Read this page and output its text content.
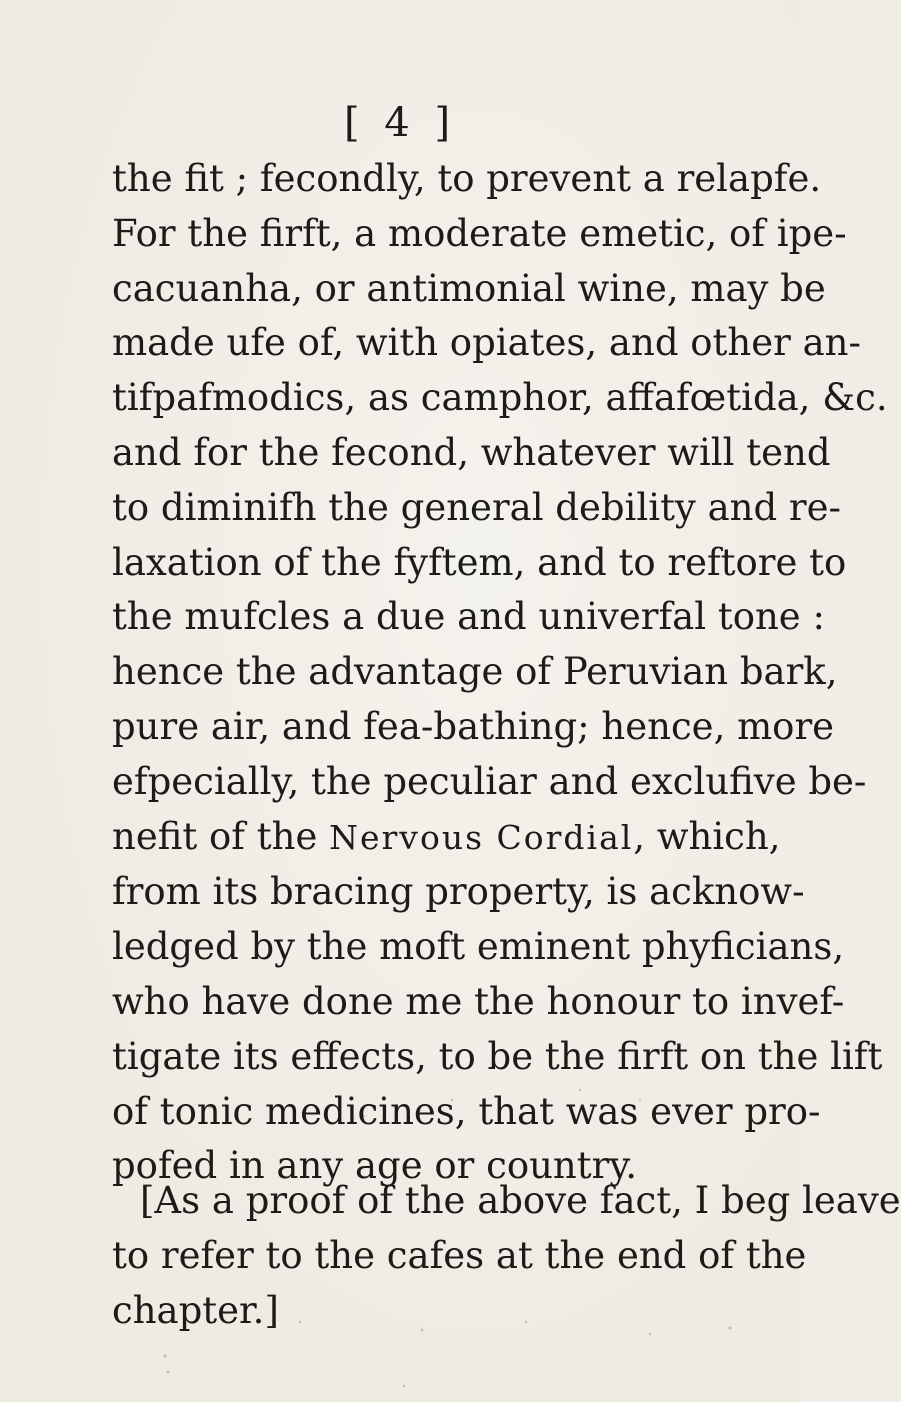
[ 4 ]
the fit ; fecondly, to prevent a relapfe.
For the firft, a moderate emetic, of ipe-
cacuanha, or antimonial wine, may be
made ufe of, with opiates, and other an-
tifpafmodics, as camphor, affafœtida, &c.
and for the fecond, whatever will tend
to diminifh the general debility and re-
laxation of the fyftem, and to reftore to
the mufcles a due and univerfal tone :
hence the advantage of Peruvian bark,
pure air, and fea-bathing; hence, more
efpecially, the peculiar and exclufive be-
nefit of the Nervous Cordial, which,
from its bracing property, is acknow-
ledged by the moft eminent phyficians,
who have done me the honour to invef-
tigate its effects, to be the firft on the lift
of tonic medicines, that was ever pro-
pofed in any age or country.
[As a proof of the above fact, I beg leave
to refer to the cafes at the end of the
chapter.]
